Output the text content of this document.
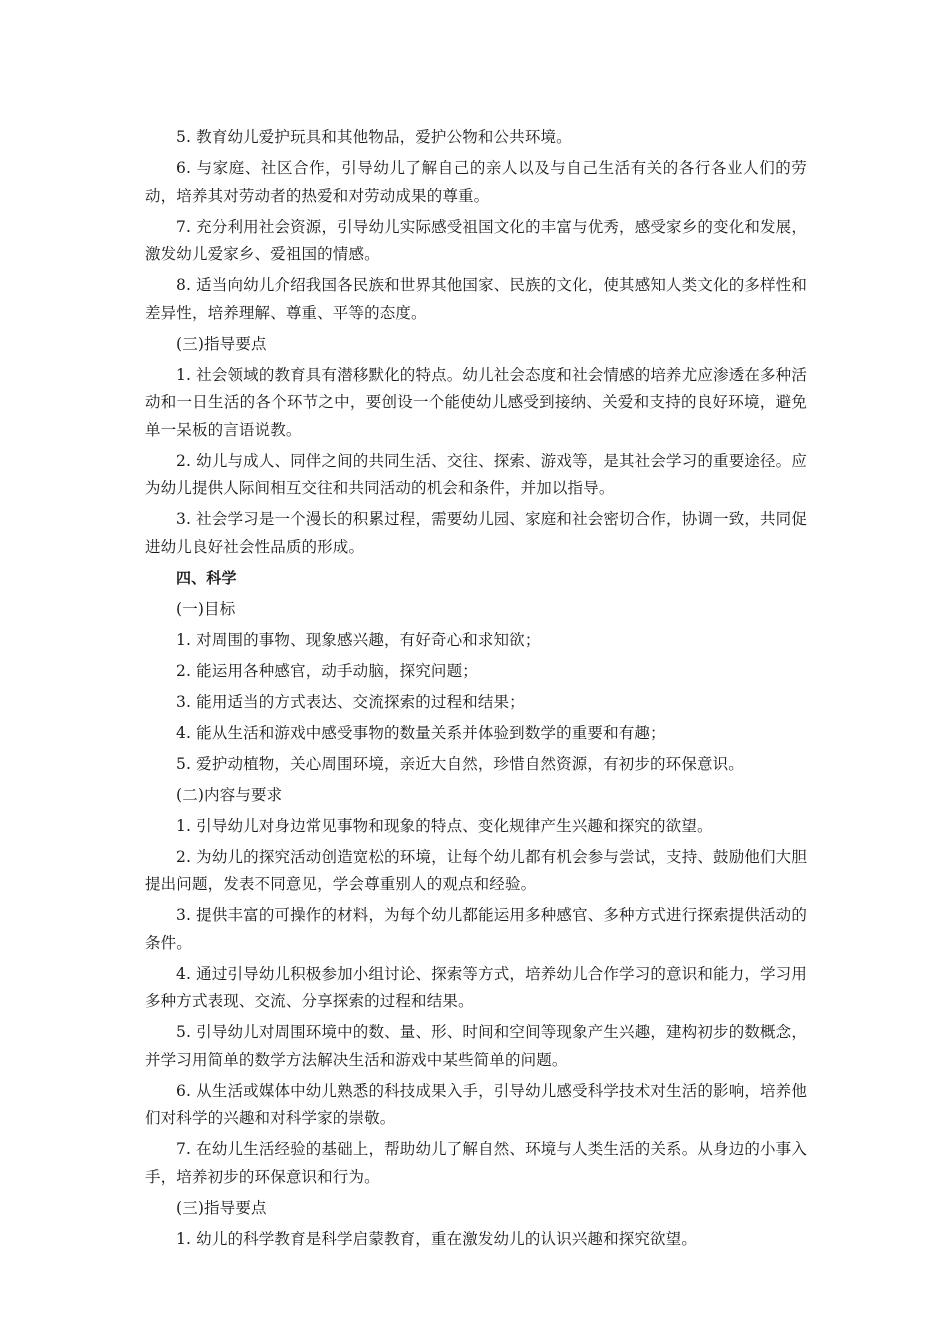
5. 教育幼儿爱护玩具和其他物品，爱护公物和公共环境。

6. 与家庭、社区合作，引导幼儿了解自己的亲人以及与自己生活有关的各行各业人们的劳动，培养其对劳动者的热爱和对劳动成果的尊重。

7. 充分利用社会资源，引导幼儿实际感受祖国文化的丰富与优秀，感受家乡的变化和发展，激发幼儿爱家乡、爱祖国的情感。

8. 适当向幼儿介绍我国各民族和世界其他国家、民族的文化，使其感知人类文化的多样性和差异性，培养理解、尊重、平等的态度。

(三)指导要点

1. 社会领域的教育具有潜移默化的特点。幼儿社会态度和社会情感的培养尤应渗透在多种活动和一日生活的各个环节之中，要创设一个能使幼儿感受到接纳、关爱和支持的良好环境，避免单一呆板的言语说教。

2. 幼儿与成人、同伴之间的共同生活、交往、探索、游戏等，是其社会学习的重要途径。应为幼儿提供人际间相互交往和共同活动的机会和条件，并加以指导。

3. 社会学习是一个漫长的积累过程，需要幼儿园、家庭和社会密切合作，协调一致，共同促进幼儿良好社会性品质的形成。

四、科学

(一)目标

1. 对周围的事物、现象感兴趣，有好奇心和求知欲；

2. 能运用各种感官，动手动脑，探究问题；

3. 能用适当的方式表达、交流探索的过程和结果；

4. 能从生活和游戏中感受事物的数量关系并体验到数学的重要和有趣；

5. 爱护动植物，关心周围环境，亲近大自然，珍惜自然资源，有初步的环保意识。

(二)内容与要求

1. 引导幼儿对身边常见事物和现象的特点、变化规律产生兴趣和探究的欲望。

2. 为幼儿的探究活动创造宽松的环境，让每个幼儿都有机会参与尝试，支持、鼓励他们大胆提出问题，发表不同意见，学会尊重别人的观点和经验。

3. 提供丰富的可操作的材料，为每个幼儿都能运用多种感官、多种方式进行探索提供活动的条件。

4. 通过引导幼儿积极参加小组讨论、探索等方式，培养幼儿合作学习的意识和能力，学习用多种方式表现、交流、分享探索的过程和结果。

5. 引导幼儿对周围环境中的数、量、形、时间和空间等现象产生兴趣，建构初步的数概念，并学习用简单的数学方法解决生活和游戏中某些简单的问题。

6. 从生活或媒体中幼儿熟悉的科技成果入手，引导幼儿感受科学技术对生活的影响，培养他们对科学的兴趣和对科学家的崇敬。

7. 在幼儿生活经验的基础上，帮助幼儿了解自然、环境与人类生活的关系。从身边的小事入手，培养初步的环保意识和行为。

(三)指导要点

1. 幼儿的科学教育是科学启蒙教育，重在激发幼儿的认识兴趣和探究欲望。
